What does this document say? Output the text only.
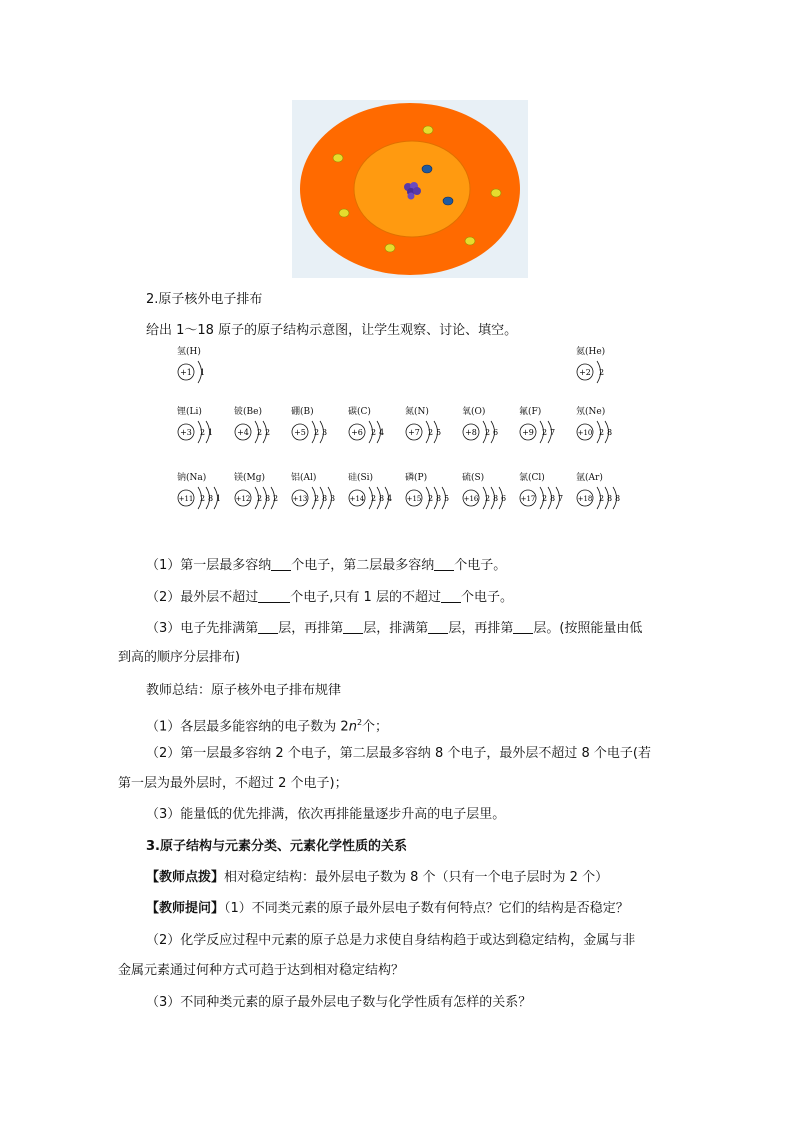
2.原子核外电子排布
给出 1～18 原子的原子结构示意图，让学生观察、讨论、填空。
氢(H)
+1 1
氦(He)
+2 2
锂(Li)
+3 2 1
铍(Be)
+4 2 2
硼(B)
+5 2 3
碳(C)
+6 2 4
氮(N)
+7 2 5
氧(O)
+8 2 6
氟(F)
+9 2 7
氖(Ne)
+10 2 8
钠(Na)
+11 2 8 1
镁(Mg)
+12 2 8 2
铝(Al)
+13 2 8 3
硅(Si)
+14 2 8 4
磷(P)
+15 2 8 5
硫(S)
+16 2 8 6
氯(Cl)
+17 2 8 7
氩(Ar)
+18 2 8 8
（1）第一层最多容纳 个电子，第二层最多容纳 个电子。
（2）最外层不超过 个电子,只有 1 层的不超过 个电子。
（3）电子先排满第 层，再排第 层，排满第 层，再排第 层。(按照能量由低
到高的顺序分层排布)
教师总结：原子核外电子排布规律
（1）各层最多能容纳的电子数为 $2n^2$个；
（2）第一层最多容纳 2 个电子，第二层最多容纳 8 个电子，最外层不超过 8 个电子(若
第一层为最外层时，不超过 2 个电子)；
（3）能量低的优先排满，依次再排能量逐步升高的电子层里。
3.原子结构与元素分类、元素化学性质的关系
【教师点拨】相对稳定结构：最外层电子数为 8 个（只有一个电子层时为 2 个）
【教师提问】（1）不同类元素的原子最外层电子数有何特点？它们的结构是否稳定？
（2）化学反应过程中元素的原子总是力求使自身结构趋于或达到稳定结构，金属与非
金属元素通过何种方式可趋于达到相对稳定结构？
（3）不同种类元素的原子最外层电子数与化学性质有怎样的关系？
